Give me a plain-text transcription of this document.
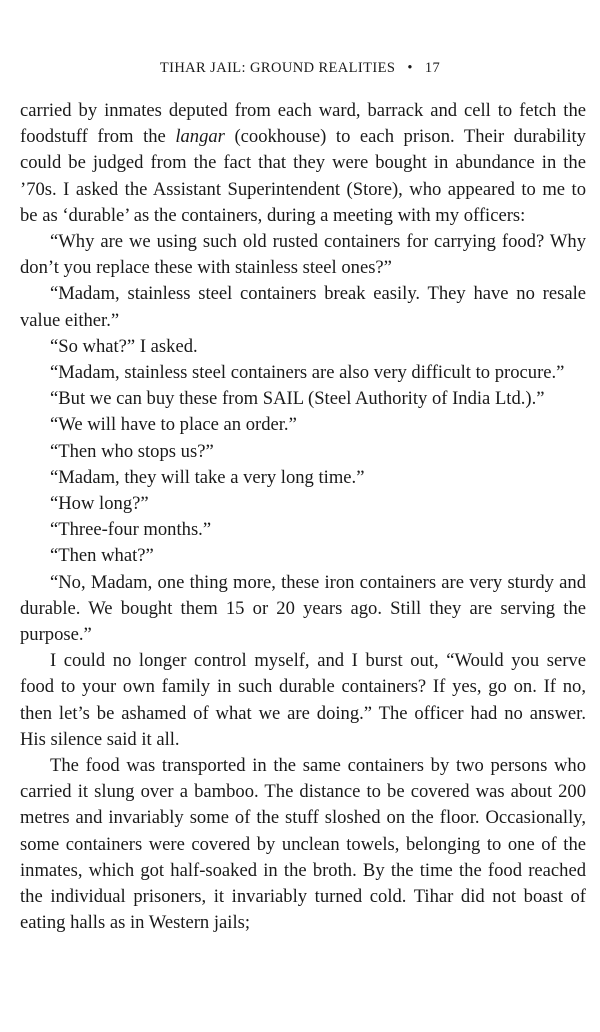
TIHAR JAIL: GROUND REALITIES • 17

carried by inmates deputed from each ward, barrack and cell to fetch the foodstuff from the langar (cookhouse) to each prison. Their durability could be judged from the fact that they were bought in abundance in the ’70s. I asked the Assistant Superintendent (Store), who appeared to me to be as ‘durable’ as the containers, during a meeting with my officers:

“Why are we using such old rusted containers for carrying food? Why don’t you replace these with stainless steel ones?”

“Madam, stainless steel containers break easily. They have no resale value either.”

“So what?” I asked.

“Madam, stainless steel containers are also very difficult to procure.”

“But we can buy these from SAIL (Steel Authority of India Ltd.).”

“We will have to place an order.”

“Then who stops us?”

“Madam, they will take a very long time.”

“How long?”

“Three-four months.”

“Then what?”

“No, Madam, one thing more, these iron containers are very sturdy and durable. We bought them 15 or 20 years ago. Still they are serving the purpose.”

I could no longer control myself, and I burst out, “Would you serve food to your own family in such durable containers? If yes, go on. If no, then let’s be ashamed of what we are doing.” The officer had no answer. His silence said it all.

The food was transported in the same containers by two persons who carried it slung over a bamboo. The distance to be covered was about 200 metres and invariably some of the stuff sloshed on the floor. Occasionally, some containers were covered by unclean towels, belonging to one of the inmates, which got half-soaked in the broth. By the time the food reached the individual prisoners, it invariably turned cold. Tihar did not boast of eating halls as in Western jails;
